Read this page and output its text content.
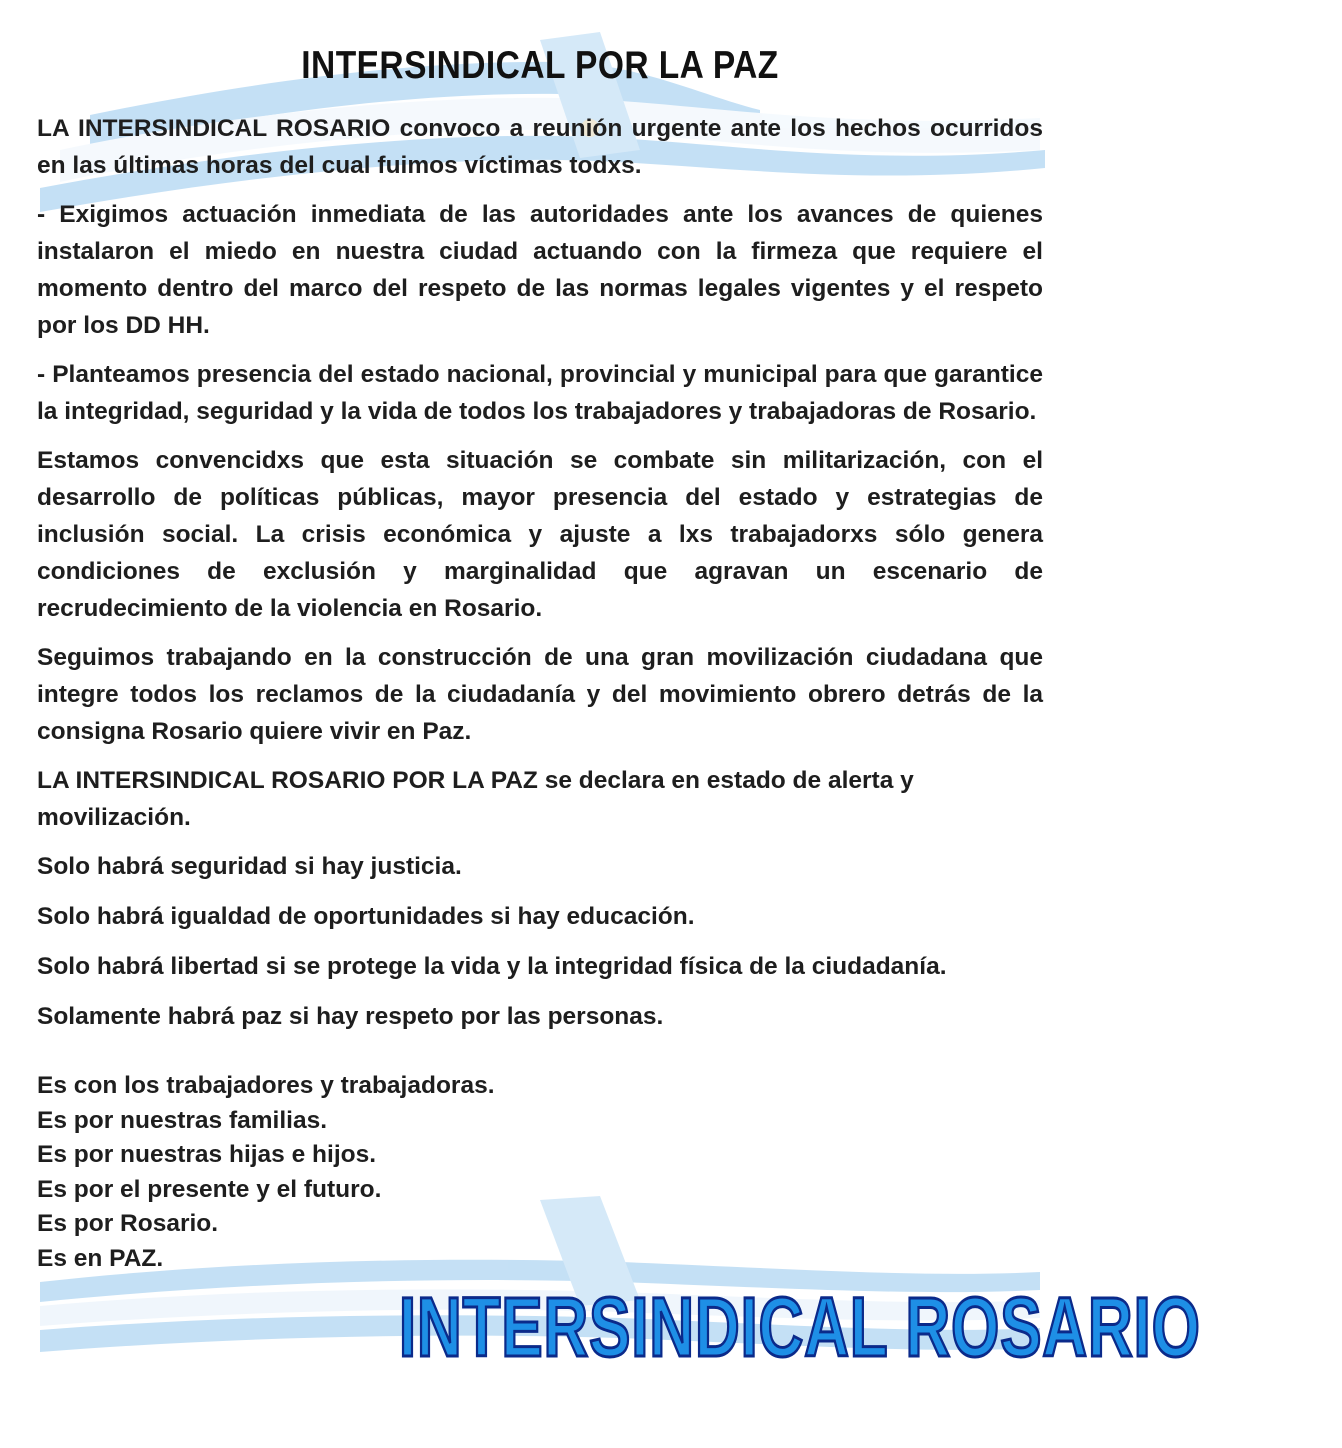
INTERSINDICAL POR LA PAZ

LA INTERSINDICAL ROSARIO convoco a reunión urgente ante los hechos ocurridos en las últimas horas del cual fuimos víctimas todxs.

- Exigimos actuación inmediata de las autoridades ante los avances de quienes instalaron el miedo en nuestra ciudad actuando con la firmeza que requiere el momento dentro del marco del respeto de las normas legales vigentes y el respeto por los DD HH.

- Planteamos presencia del estado nacional, provincial y municipal para que garantice la integridad, seguridad y la vida de todos los trabajadores y trabajadoras de Rosario.

Estamos convencidxs que esta situación se combate sin militarización, con el desarrollo de políticas públicas, mayor presencia del estado y estrategias de inclusión social. La crisis económica y ajuste a lxs trabajadorxs sólo genera condiciones de exclusión y marginalidad que agravan un escenario de recrudecimiento de la violencia en Rosario.

Seguimos trabajando en la construcción de una gran movilización ciudadana que integre todos los reclamos de la ciudadanía y del movimiento obrero detrás de la consigna Rosario quiere vivir en Paz.

LA INTERSINDICAL ROSARIO POR LA PAZ se declara en estado de alerta y movilización.

Solo habrá seguridad si hay justicia.
Solo habrá igualdad de oportunidades si hay educación.
Solo habrá libertad si se protege la vida y la integridad física de la ciudadanía.
Solamente habrá paz si hay respeto por las personas.
Es con los trabajadores y trabajadoras.
Es por nuestras familias.
Es por nuestras hijas e hijos.
Es por el presente y el futuro.
Es por Rosario.
Es en PAZ.
INTERSINDICAL ROSARIO
